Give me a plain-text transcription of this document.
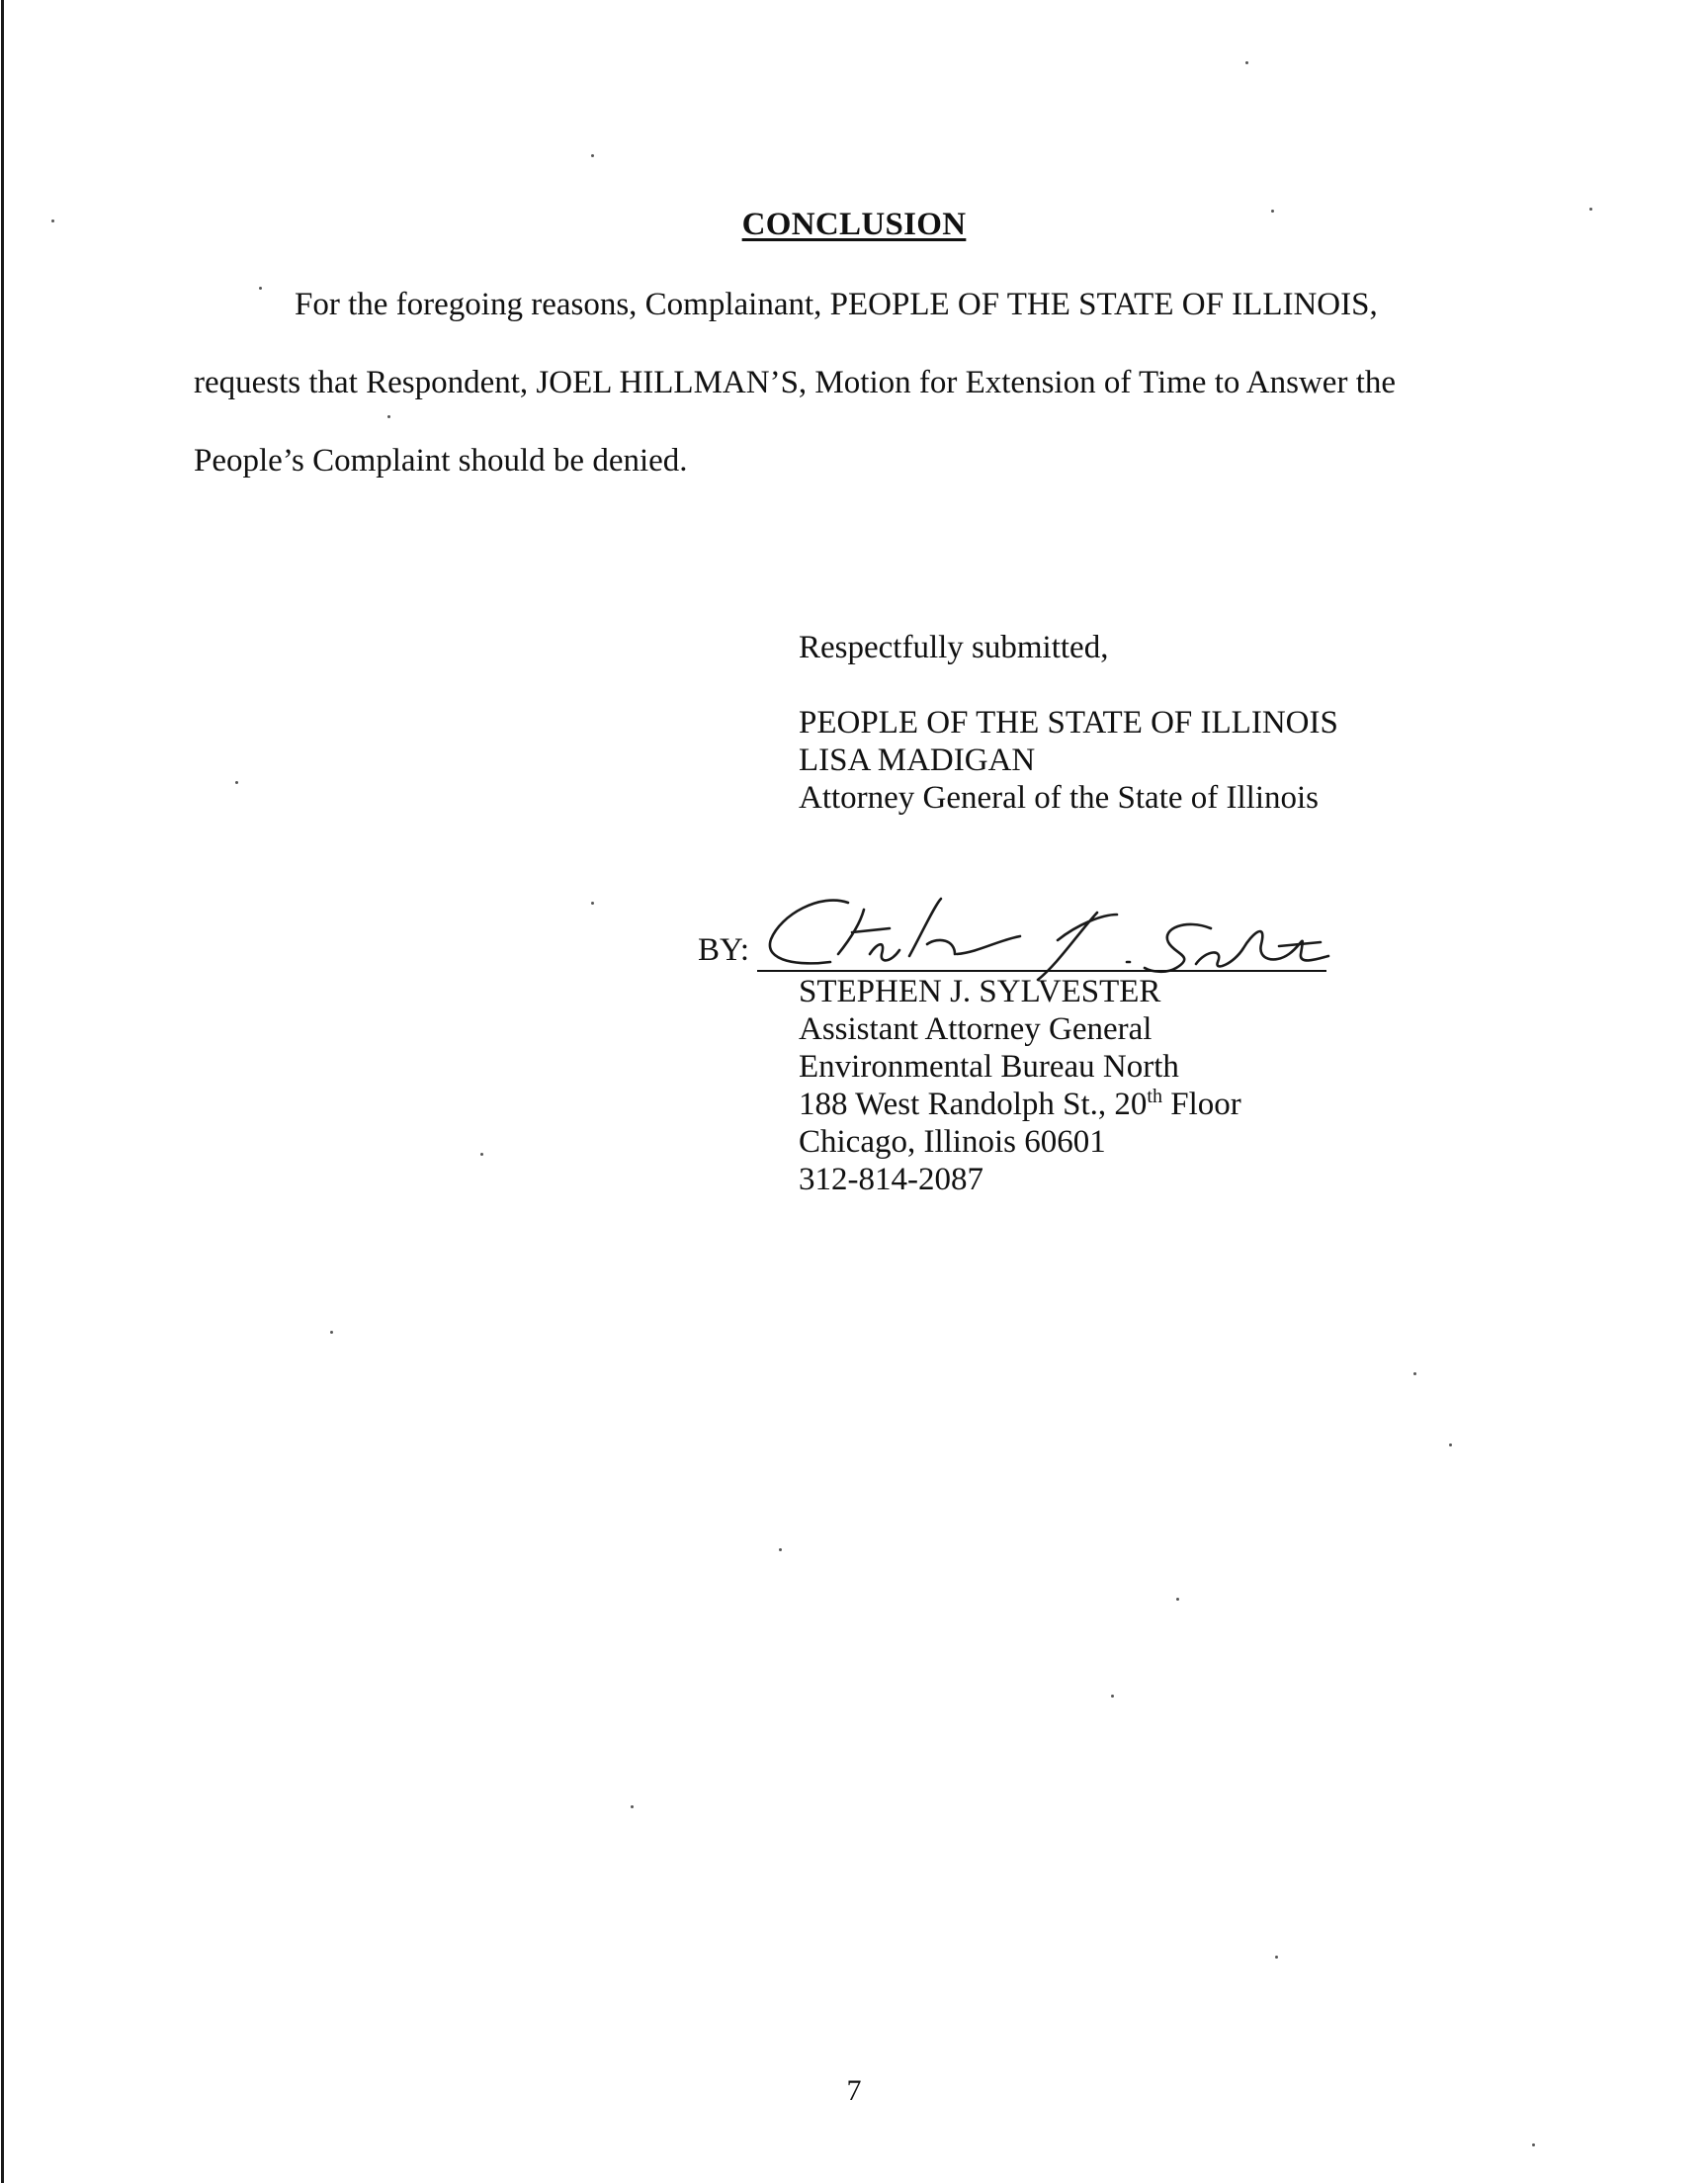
CONCLUSION
For the foregoing reasons, Complainant, PEOPLE OF THE STATE OF ILLINOIS,
requests that Respondent, JOEL HILLMAN’S, Motion for Extension of Time to Answer the
People’s Complaint should be denied.
Respectfully submitted,
PEOPLE OF THE STATE OF ILLINOIS
LISA MADIGAN
Attorney General of the State of Illinois
BY:
STEPHEN J. SYLVESTER
Assistant Attorney General
Environmental Bureau North
188 West Randolph St., 20th Floor
Chicago, Illinois 60601
312-814-2087
7
